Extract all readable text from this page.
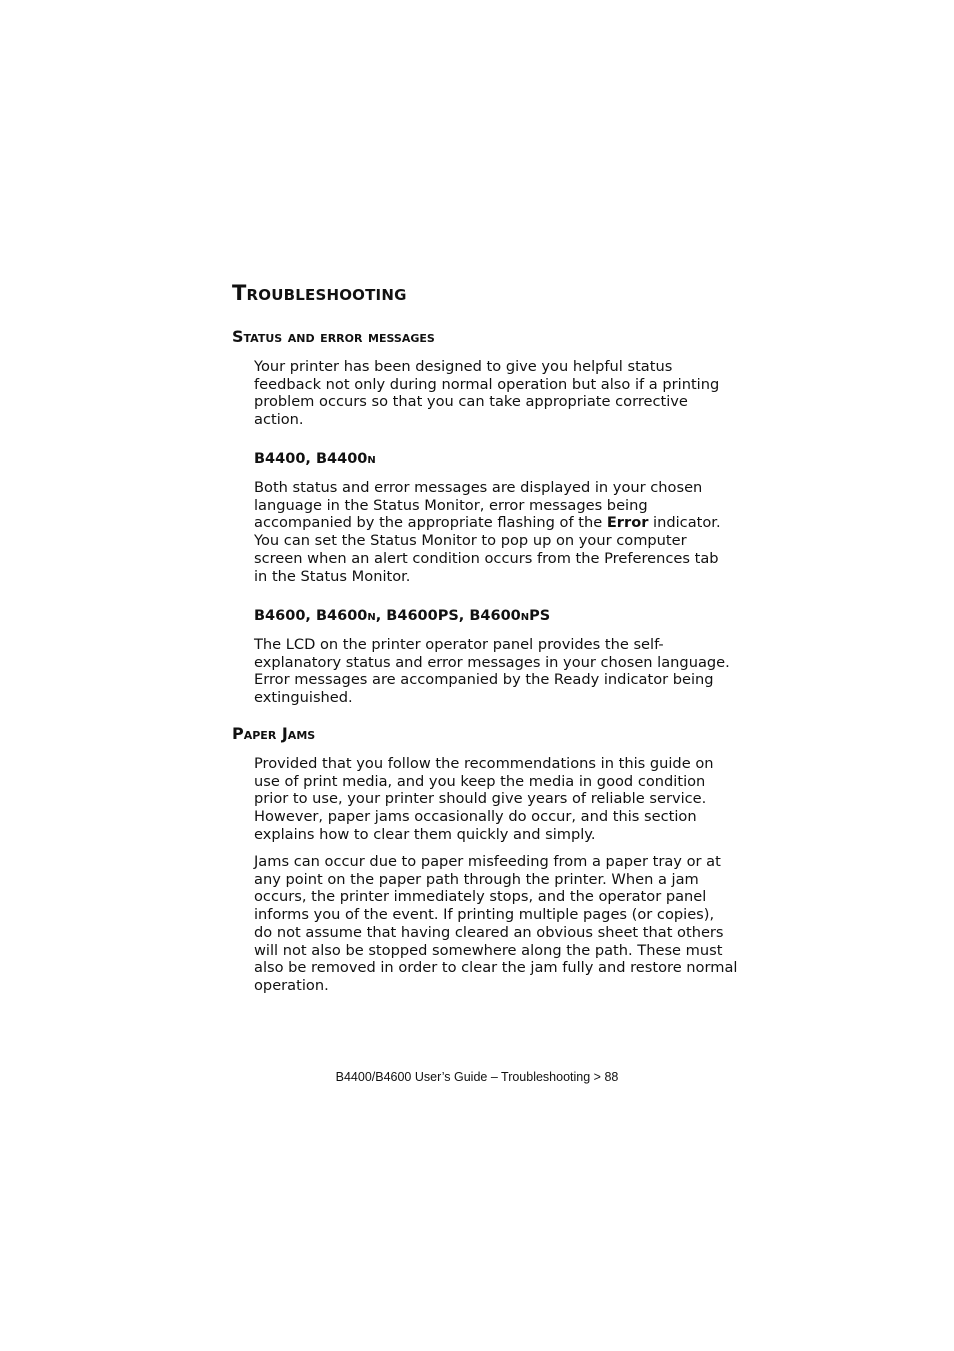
Troubleshooting
Status and error messages
Your printer has been designed to give you helpful status
feedback not only during normal operation but also if a printing
problem occurs so that you can take appropriate corrective
action.
B4400, B4400n
Both status and error messages are displayed in your chosen
language in the Status Monitor, error messages being
accompanied by the appropriate flashing of the Error indicator.
You can set the Status Monitor to pop up on your computer
screen when an alert condition occurs from the Preferences tab
in the Status Monitor.
B4600, B4600n, B4600PS, B4600nPS
The LCD on the printer operator panel provides the self-
explanatory status and error messages in your chosen language.
Error messages are accompanied by the Ready indicator being
extinguished.
Paper Jams
Provided that you follow the recommendations in this guide on
use of print media, and you keep the media in good condition
prior to use, your printer should give years of reliable service.
However, paper jams occasionally do occur, and this section
explains how to clear them quickly and simply.
Jams can occur due to paper misfeeding from a paper tray or at
any point on the paper path through the printer. When a jam
occurs, the printer immediately stops, and the operator panel
informs you of the event. If printing multiple pages (or copies),
do not assume that having cleared an obvious sheet that others
will not also be stopped somewhere along the path. These must
also be removed in order to clear the jam fully and restore normal
operation.
B4400/B4600 User’s Guide – Troubleshooting > 88
